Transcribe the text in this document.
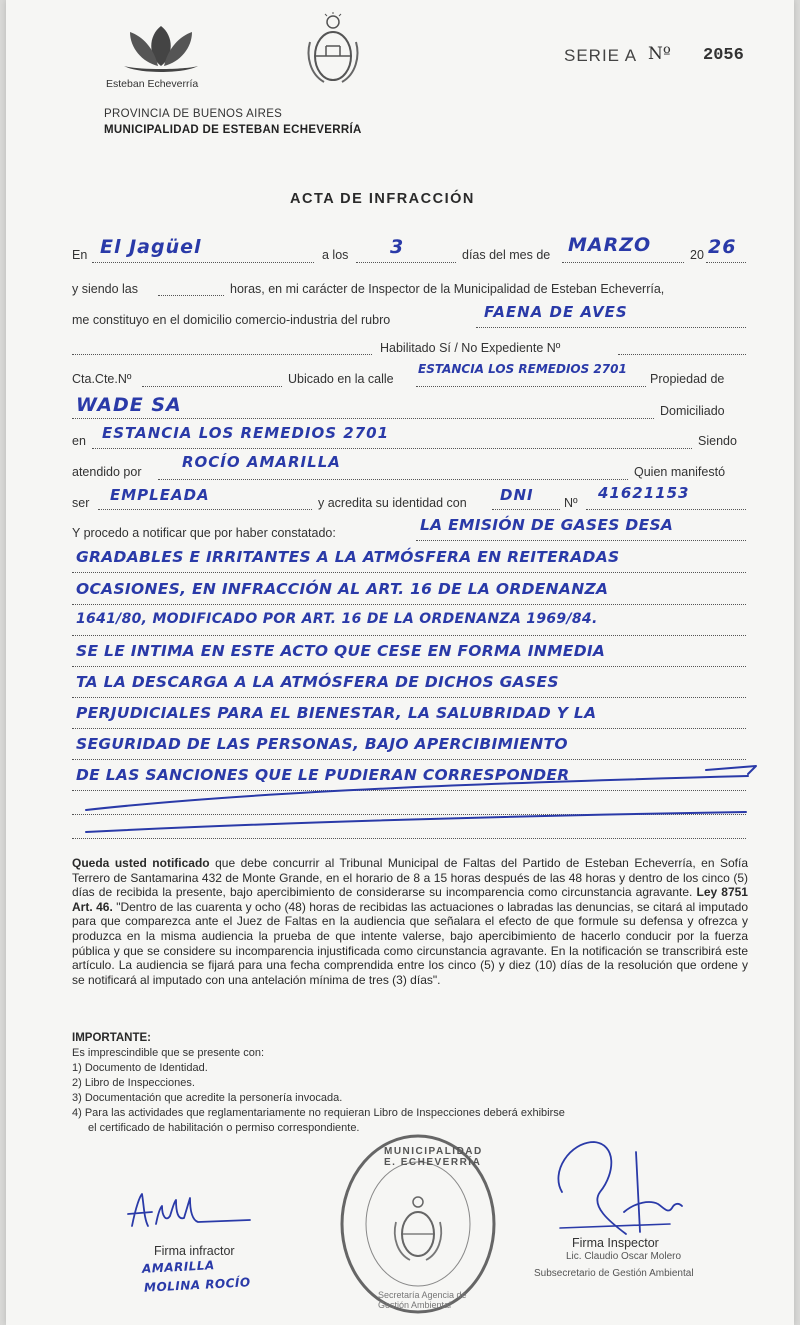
Esteban Echeverría
PROVINCIA DE BUENOS AIRES
MUNICIPALIDAD DE ESTEBAN ECHEVERRÍA
SERIE A Nº 2056
ACTA DE INFRACCIÓN
En El Jagüel	a los 3	días del mes de MARZO	20 26
y siendo las	horas, en mi carácter de Inspector de la Municipalidad de Esteban Echeverría,
me constituyo en el domicilio comercio-industria del rubro	FAENA DE AVES
Habilitado Sí / No Expediente Nº
Cta.Cte.Nº	Ubicado en la calle
ESTANCIA LOS REMEDIOS 2701
Propiedad de
WADE SA	Domiciliado
en ESTANCIA LOS REMEDIOS 2701	Siendo
atendido por
ROCÍO AMARILLA
Quien manifestó
ser EMPLEADA	y acredita su identidad con DNI Nº
41621153
Y procedo a notificar que por haber constatado:	LA EMISIÓN DE GASES DESA
GRADABLES E IRRITANTES A LA ATMÓSFERA EN REITERADAS
OCASIONES, EN INFRACCIÓN AL ART. 16 DE LA ORDENANZA
1641/80, MODIFICADO POR ART. 16 DE LA ORDENANZA 1969/84.
SE LE INTIMA EN ESTE ACTO QUE CESE EN FORMA INMEDIA
TA LA DESCARGA A LA ATMÓSFERA DE DICHOS GASES
PERJUDICIALES PARA EL BIENESTAR, LA SALUBRIDAD Y LA
SEGURIDAD DE LAS PERSONAS, BAJO APERCIBIMIENTO
DE LAS SANCIONES QUE LE PUDIERAN CORRESPONDER
Queda usted notificado que debe concurrir al Tribunal Municipal de Faltas del Partido de Esteban Echeverría, en Sofía Terrero de Santamarina 432 de Monte Grande, en el horario de 8 a 15 horas después de las 48 horas y dentro de los cinco (5) días de recibida la presente, bajo apercibimiento de considerarse su incomparencia como circunstancia agravante. Ley 8751 Art. 46. "Dentro de las cuarenta y ocho (48) horas de recibidas las actuaciones o labradas las denuncias, se citará al imputado para que comparezca ante el Juez de Faltas en la audiencia que señalara el efecto de que formule su defensa y ofrezca y produzca en la misma audiencia la prueba de que intente valerse, bajo apercibimiento de hacerlo conducir por la fuerza pública y que se considere su incomparencia injustificada como circunstancia agravante. En la notificación se transcribirá este artículo. La audiencia se fijará para una fecha comprendida entre los cinco (5) y diez (10) días de la resolución que ordene y se notificará al imputado con una antelación mínima de tres (3) días".
IMPORTANTE:
Es imprescindible que se presente con:
1) Documento de Identidad.
2) Libro de Inspecciones.
3) Documentación que acredite la personería invocada.
4) Para las actividades que reglamentariamente no requieran Libro de Inspecciones deberá exhibirse
el certificado de habilitación o permiso correspondiente.
MUNICIPALIDAD E. ECHEVERRÍA
Secretaría Agencia de Gestión Ambiental
Firma infractor
AMARILLA
MOLINA ROCÍO
Firma Inspector
Lic. Claudio Oscar Molero
Subsecretario de Gestión Ambiental
